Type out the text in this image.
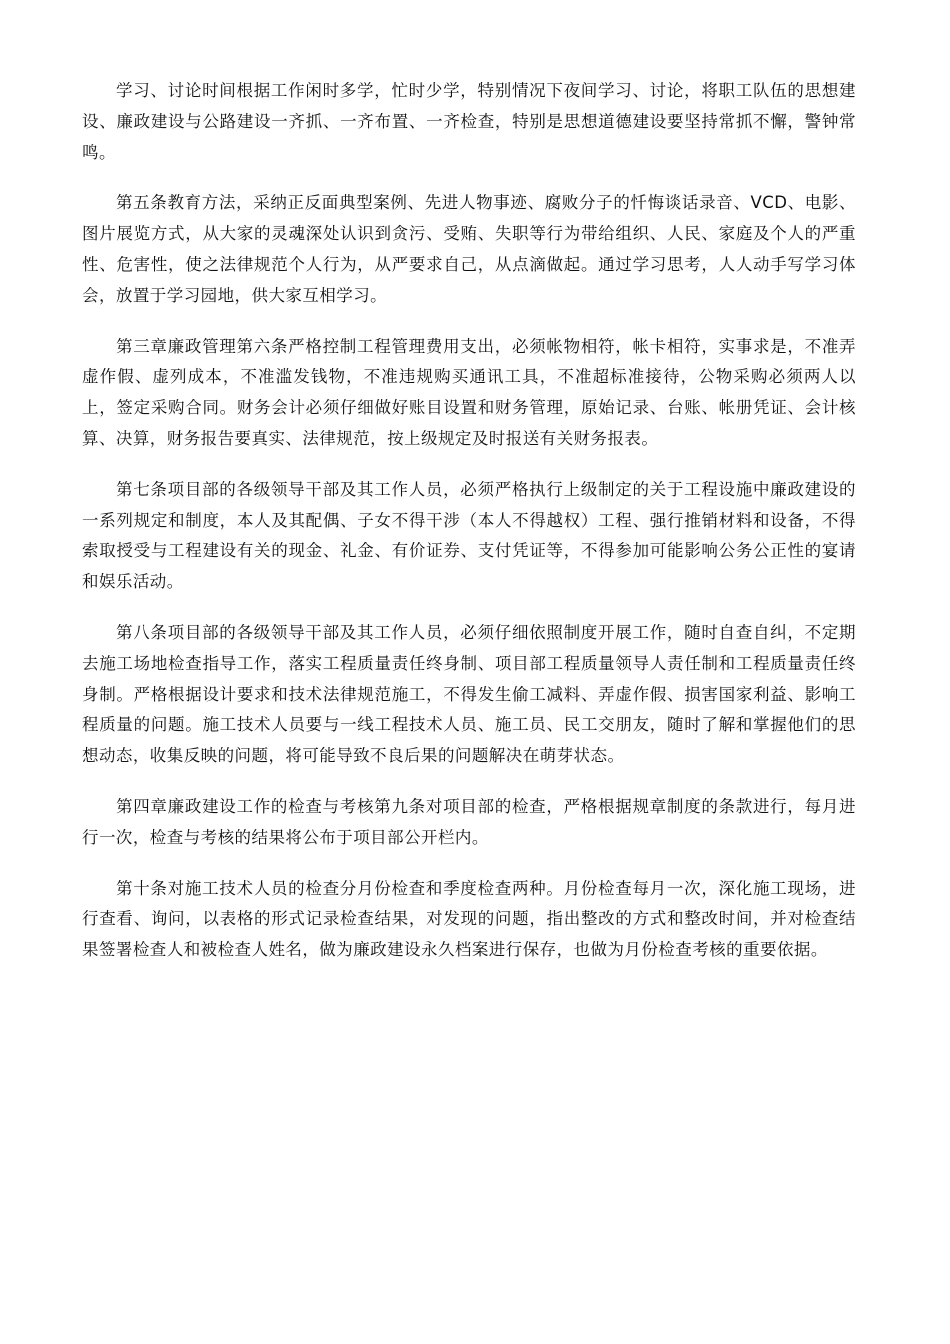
学习、讨论时间根据工作闲时多学，忙时少学，特别情况下夜间学习、讨论，将职工队伍的思想建设、廉政建设与公路建设一齐抓、一齐布置、一齐检查，特别是思想道德建设要坚持常抓不懈，警钟常鸣。

第五条教育方法，采纳正反面典型案例、先进人物事迹、腐败分子的忏悔谈话录音、VCD、电影、图片展览方式，从大家的灵魂深处认识到贪污、受贿、失职等行为带给组织、人民、家庭及个人的严重性、危害性，使之法律规范个人行为，从严要求自己，从点滴做起。通过学习思考，人人动手写学习体会，放置于学习园地，供大家互相学习。

第三章廉政管理第六条严格控制工程管理费用支出，必须帐物相符，帐卡相符，实事求是，不准弄虚作假、虚列成本，不准滥发钱物，不准违规购买通讯工具，不准超标准接待，公物采购必须两人以上，签定采购合同。财务会计必须仔细做好账目设置和财务管理，原始记录、台账、帐册凭证、会计核算、决算，财务报告要真实、法律规范，按上级规定及时报送有关财务报表。

第七条项目部的各级领导干部及其工作人员，必须严格执行上级制定的关于工程设施中廉政建设的一系列规定和制度，本人及其配偶、子女不得干涉（本人不得越权）工程、强行推销材料和设备，不得索取授受与工程建设有关的现金、礼金、有价证券、支付凭证等，不得参加可能影响公务公正性的宴请和娱乐活动。

第八条项目部的各级领导干部及其工作人员，必须仔细依照制度开展工作，随时自查自纠，不定期去施工场地检查指导工作，落实工程质量责任终身制、项目部工程质量领导人责任制和工程质量责任终身制。严格根据设计要求和技术法律规范施工，不得发生偷工减料、弄虚作假、损害国家利益、影响工程质量的问题。施工技术人员要与一线工程技术人员、施工员、民工交朋友，随时了解和掌握他们的思想动态，收集反映的问题，将可能导致不良后果的问题解决在萌芽状态。

第四章廉政建设工作的检查与考核第九条对项目部的检查，严格根据规章制度的条款进行，每月进行一次，检查与考核的结果将公布于项目部公开栏内。

第十条对施工技术人员的检查分月份检查和季度检查两种。月份检查每月一次，深化施工现场，进行查看、询问，以表格的形式记录检查结果，对发现的问题，指出整改的方式和整改时间，并对检查结果签署检查人和被检查人姓名，做为廉政建设永久档案进行保存，也做为月份检查考核的重要依据。
